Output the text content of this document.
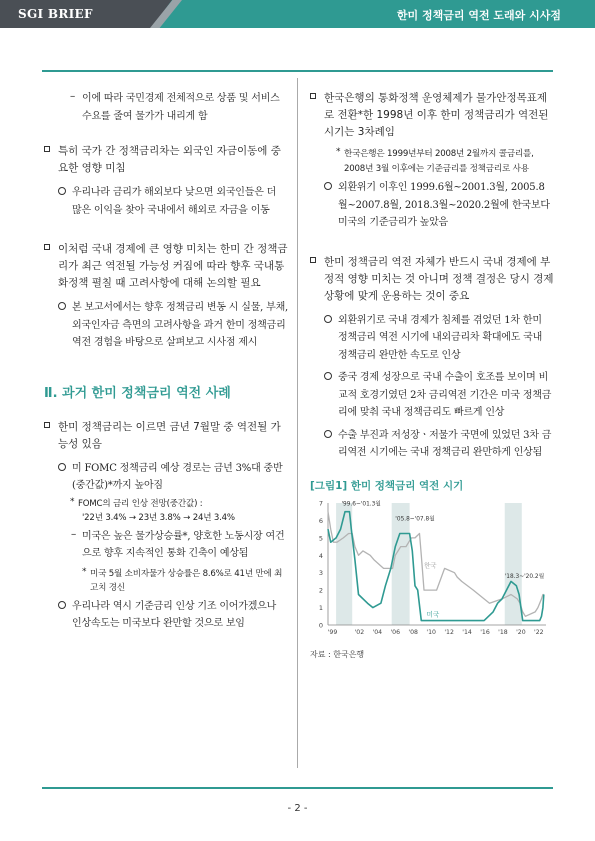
SGI BRIEF	한미 정책금리 역전 도래와 시사점
– 이에 따라 국민경제 전체적으로 상품 및 서비스 수요를 줄여 물가가 내리게 함
특히 국가 간 정책금리차는 외국인 자금이동에 중요한 영향 미침
우리나라 금리가 해외보다 낮으면 외국인들은 더 많은 이익을 찾아 국내에서 해외로 자금을 이동
이처럼 국내 경제에 큰 영향 미치는 한미 간 정책금리가 최근 역전될 가능성 커짐에 따라 향후 국내통화정책 펼칠 때 고려사항에 대해 논의할 필요
본 보고서에서는 향후 정책금리 변동 시 실물, 부채, 외국인자금 측면의 고려사항을 과거 한미 정책금리 역전 경험을 바탕으로 살펴보고 시사점 제시
Ⅱ. 과거 한미 정책금리 역전 사례
한미 정책금리는 이르면 금년 7월말 중 역전될 가능성 있음
미 FOMC 정책금리 예상 경로는 금년 3%대 중반(중간값)*까지 높아짐
* FOMC의 금리 인상 전망(중간값) :
'22년 3.4% → 23년 3.8% → 24년 3.4%
– 미국은 높은 물가상승률*, 양호한 노동시장 여건으로 향후 지속적인 통화 긴축이 예상됨
* 미국 5월 소비자물가 상승률은 8.6%로 41년 만에 최고치 경신
우리나라 역시 기준금리 인상 기조 이어가겠으나 인상속도는 미국보다 완만할 것으로 보임
한국은행의 통화정책 운영체제가 물가안정목표제로 전환*한 1998년 이후 한미 정책금리가 역전된 시기는 3차례임
* 한국은행은 1999년부터 2008년 2월까지 콜금리를, 2008년 3월 이후에는 기준금리를 정책금리로 사용
외환위기 이후인 1999.6월~2001.3월, 2005.8월~2007.8월, 2018.3월~2020.2월에 한국보다 미국의 기준금리가 높았음
한미 정책금리 역전 자체가 반드시 국내 경제에 부정적 영향 미치는 것 아니며 정책 결정은 당시 경제 상황에 맞게 운용하는 것이 중요
외환위기로 국내 경제가 침체를 겪었던 1차 한미 정책금리 역전 시기에 내외금리차 확대에도 국내 정책금리 완만한 속도로 인상
중국 경제 성장으로 국내 수출이 호조를 보이며 비교적 호경기였던 2차 금리역전 기간은 미국 정책금리에 맞춰 국내 정책금리도 빠르게 인상
수출 부진과 저성장ㆍ저물가 국면에 있었던 3차 금리역전 시기에는 국내 정책금리 완만하게 인상됨
[그림1] 한미 정책금리 역전 시기
0
1
2
3
4
5
6
7
'99	'02 '04 '06 '08 '10 '12 '14 '16 '18 '20 '22
'99.6~'01.3월
'05.8~'07.8월
'18.3~'20.2월
한국
미국
자료 : 한국은행
- 2 -
